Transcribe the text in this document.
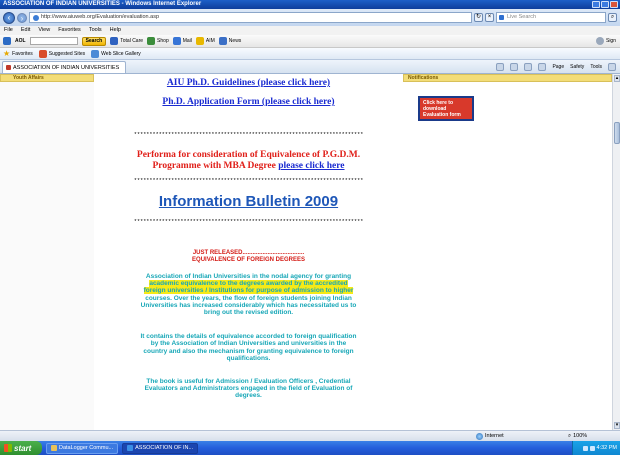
ASSOCIATION OF INDIAN UNIVERSITIES - Windows Internet Explorer
‹	›	http://www.aiuweb.org/Evaluation/evaluation.asp	↻	×	Live Search	⌕
File Edit View Favorites Tools Help
AOL	Search	Total Care	Shop	Mail	AIM	News	Sign
★ Favorites	Suggested Sites	Web Slice Gallery
ASSOCIATION OF INDIAN UNIVERSITIES	Page Safety Tools
Youth Affairs	AIU Ph.D. Guidelines (please click here)
Ph.D. Application Form (please click here)
**************************************************************************
Performa for consideration of Equivalence of P.G.D.M.
Programme with MBA Degree please click here
**************************************************************************
Information Bulletin 2009
**************************************************************************
JUST RELEASED.....................................
EQUIVALENCE OF FOREIGN DEGREES
Association of Indian Universities in the nodal agency for granting
academic equivalence to the degrees awarded by the accredited
foreign universities / Institutions for purpose of admission to higher
courses. Over the years, the flow of foreign students joining Indian
Universities has increased considerably which has necessitated us to
bring out the revised edition.
It contains the details of equivalence accorded to foreign qualification
by the Association of Indian Universities and universities in the
country and also the mechanism for granting equivalence to foreign
qualifications.
The book is useful for Admission / Evaluation Officers , Credential
Evaluators and Administrators engaged in the field of Evaluation of
degrees.
Notifications
Click here to download Evaluation form
▴
▾
Internet	⌕ 100%
start	DataLogger Commu...	ASSOCIATION OF IN...	4:32 PM
